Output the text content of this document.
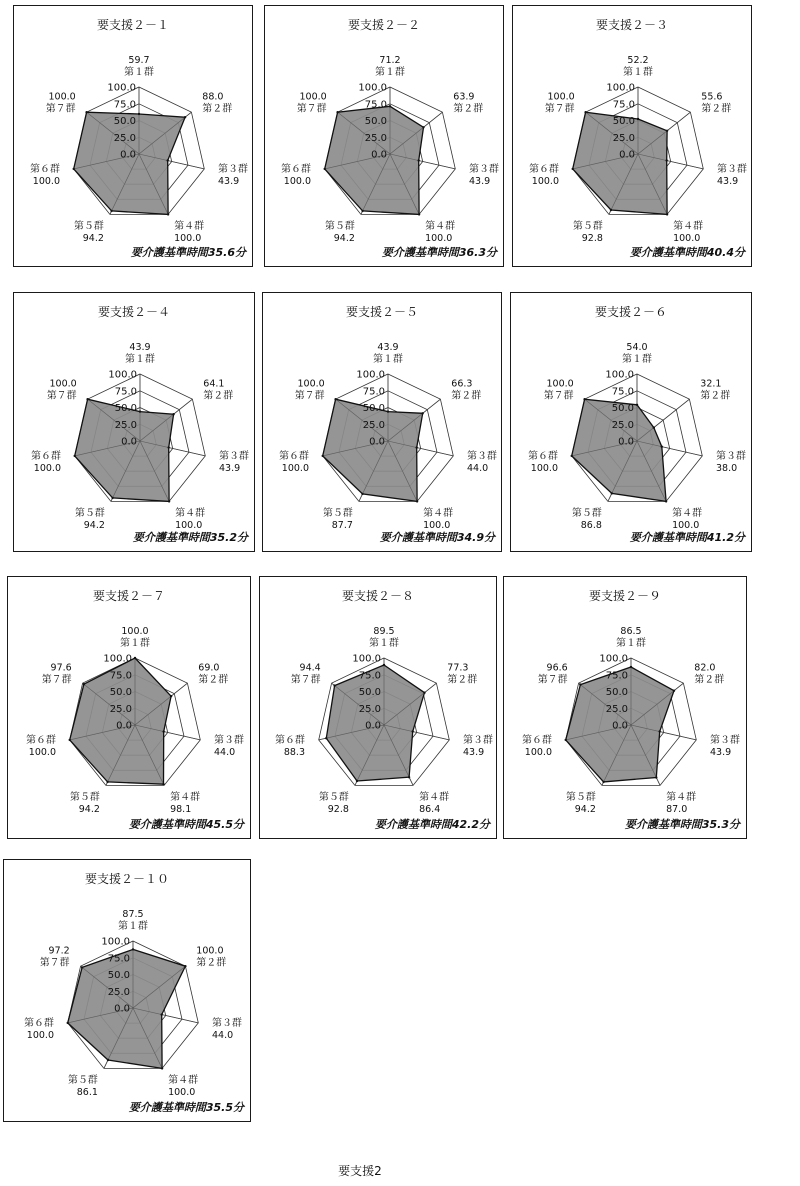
要支援２－１
0.0
25.0
50.0
75.0
100.0
第１群
59.7
第２群
88.0
第３群
43.9
第４群
100.0
第５群
94.2
第６群
100.0
第７群
100.0
要介護基準時間35.6分
要支援２－２
0.0
25.0
50.0
75.0
100.0
第１群
71.2
第２群
63.9
第３群
43.9
第４群
100.0
第５群
94.2
第６群
100.0
第７群
100.0
要介護基準時間36.3分
要支援２－３
0.0
25.0
50.0
75.0
100.0
第１群
52.2
第２群
55.6
第３群
43.9
第４群
100.0
第５群
92.8
第６群
100.0
第７群
100.0
要介護基準時間40.4分
要支援２－４
0.0
25.0
50.0
75.0
100.0
第１群
43.9
第２群
64.1
第３群
43.9
第４群
100.0
第５群
94.2
第６群
100.0
第７群
100.0
要介護基準時間35.2分
要支援２－５
0.0
25.0
50.0
75.0
100.0
第１群
43.9
第２群
66.3
第３群
44.0
第４群
100.0
第５群
87.7
第６群
100.0
第７群
100.0
要介護基準時間34.9分
要支援２－６
0.0
25.0
50.0
75.0
100.0
第１群
54.0
第２群
32.1
第３群
38.0
第４群
100.0
第５群
86.8
第６群
100.0
第７群
100.0
要介護基準時間41.2分
要支援２－７
0.0
25.0
50.0
75.0
100.0
第１群
100.0
第２群
69.0
第３群
44.0
第４群
98.1
第５群
94.2
第６群
100.0
第７群
97.6
要介護基準時間45.5分
要支援２－８
0.0
25.0
50.0
75.0
100.0
第１群
89.5
第２群
77.3
第３群
43.9
第４群
86.4
第５群
92.8
第６群
88.3
第７群
94.4
要介護基準時間42.2分
要支援２－９
0.0
25.0
50.0
75.0
100.0
第１群
86.5
第２群
82.0
第３群
43.9
第４群
87.0
第５群
94.2
第６群
100.0
第７群
96.6
要介護基準時間35.3分
要支援２－１０
0.0
25.0
50.0
75.0
100.0
第１群
87.5
第２群
100.0
第３群
44.0
第４群
100.0
第５群
86.1
第６群
100.0
第７群
97.2
要介護基準時間35.5分
要支援2
